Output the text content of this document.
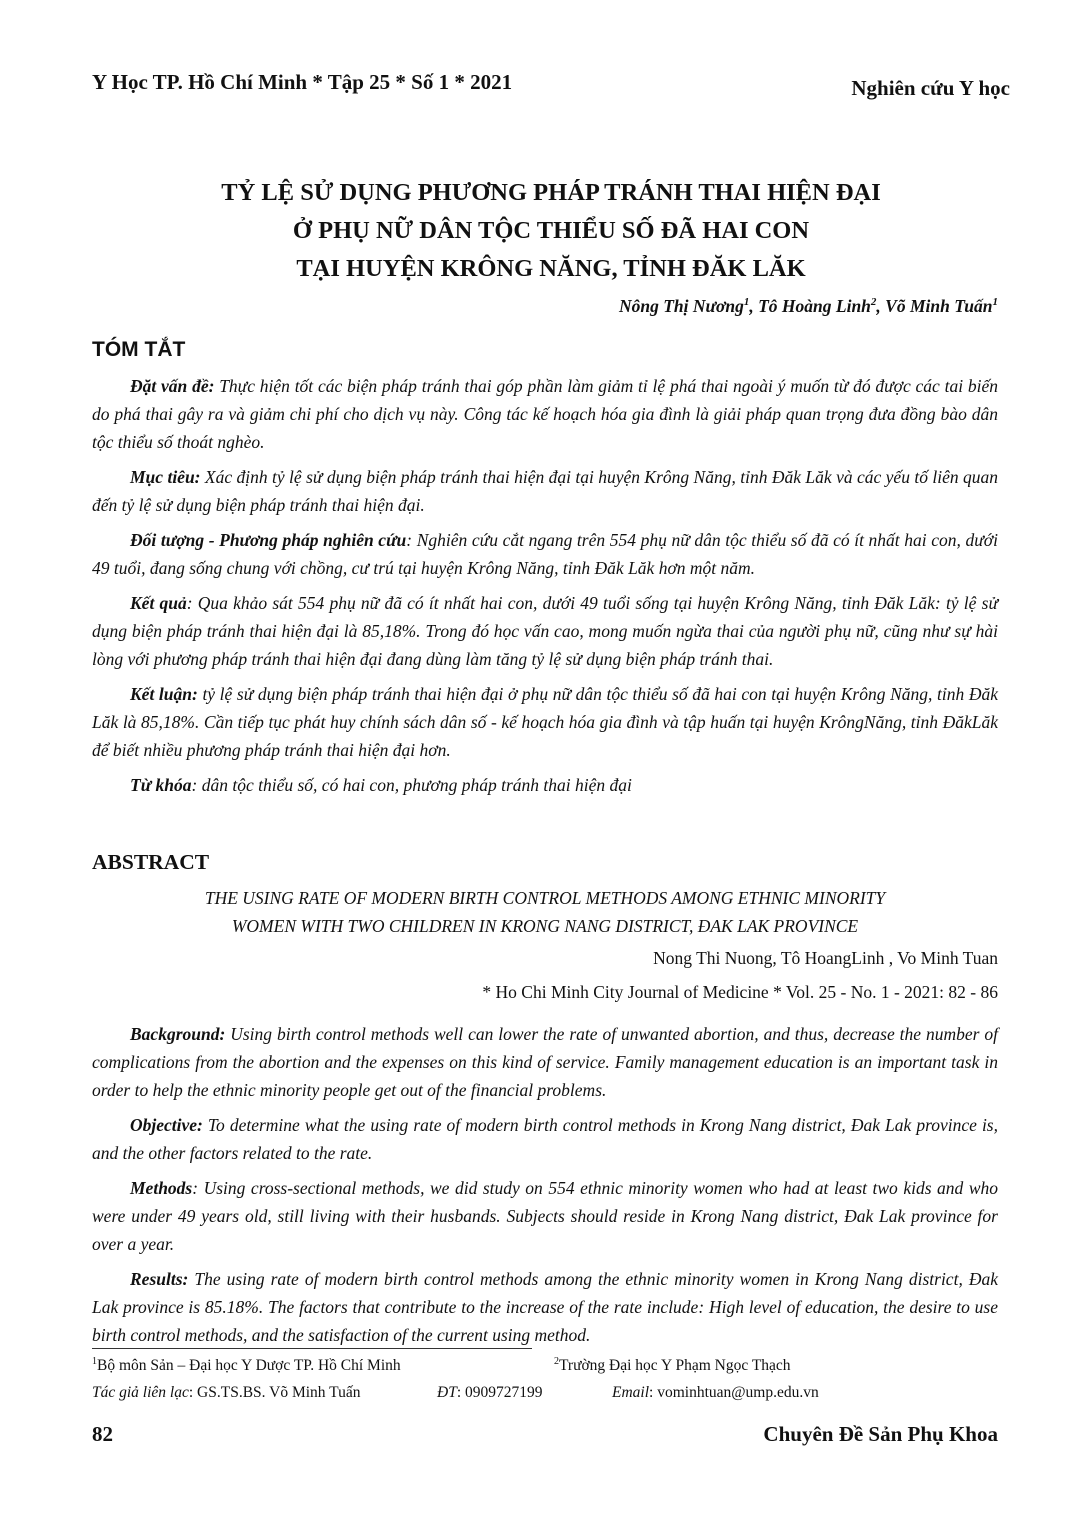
Y Học TP. Hồ Chí Minh * Tập 25 * Số 1 * 2021	Nghiên cứu Y học
TỶ LỆ SỬ DỤNG PHƯƠNG PHÁP TRÁNH THAI HIỆN ĐẠI
Ở PHỤ NỮ DÂN TỘC THIỂU SỐ ĐÃ HAI CON
TẠI HUYỆN KRÔNG NĂNG, TỈNH ĐĂK LĂK
Nông Thị Nương$^1$, Tô Hoàng Linh$^2$, Võ Minh Tuấn$^1$
TÓM TẮT

Đặt vấn đề: Thực hiện tốt các biện pháp tránh thai góp phần làm giảm tỉ lệ phá thai ngoài ý muốn từ đó được các tai biến do phá thai gây ra và giảm chi phí cho dịch vụ này. Công tác kế hoạch hóa gia đình là giải pháp quan trọng đưa đồng bào dân tộc thiểu số thoát nghèo.

Mục tiêu: Xác định tỷ lệ sử dụng biện pháp tránh thai hiện đại tại huyện Krông Năng, tỉnh Đăk Lăk và các yếu tố liên quan đến tỷ lệ sử dụng biện pháp tránh thai hiện đại.

Đối tượng - Phương pháp nghiên cứu: Nghiên cứu cắt ngang trên 554 phụ nữ dân tộc thiểu số đã có ít nhất hai con, dưới 49 tuổi, đang sống chung với chồng, cư trú tại huyện Krông Năng, tỉnh Đăk Lăk hơn một năm.

Kết quả: Qua khảo sát 554 phụ nữ đã có ít nhất hai con, dưới 49 tuổi sống tại huyện Krông Năng, tỉnh Đăk Lăk: tỷ lệ sử dụng biện pháp tránh thai hiện đại là 85,18%. Trong đó học vấn cao, mong muốn ngừa thai của người phụ nữ, cũng như sự hài lòng với phương pháp tránh thai hiện đại đang dùng làm tăng tỷ lệ sử dụng biện pháp tránh thai.

Kết luận: tỷ lệ sử dụng biện pháp tránh thai hiện đại ở phụ nữ dân tộc thiểu số đã hai con tại huyện Krông Năng, tỉnh Đăk Lăk là 85,18%. Cần tiếp tục phát huy chính sách dân số - kế hoạch hóa gia đình và tập huấn tại huyện KrôngNăng, tỉnh ĐăkLăk để biết nhiều phương pháp tránh thai hiện đại hơn.

Từ khóa: dân tộc thiểu số, có hai con, phương pháp tránh thai hiện đại

ABSTRACT
THE USING RATE OF MODERN BIRTH CONTROL METHODS AMONG ETHNIC MINORITY
WOMEN WITH TWO CHILDREN IN KRONG NANG DISTRICT, ĐAK LAK PROVINCE
Nong Thi Nuong, Tô HoangLinh , Vo Minh Tuan
* Ho Chi Minh City Journal of Medicine * Vol. 25 - No. 1 - 2021: 82 - 86

Background: Using birth control methods well can lower the rate of unwanted abortion, and thus, decrease the number of complications from the abortion and the expenses on this kind of service. Family management education is an important task in order to help the ethnic minority people get out of the financial problems.

Objective: To determine what the using rate of modern birth control methods in Krong Nang district, Đak Lak province is, and the other factors related to the rate.

Methods: Using cross-sectional methods, we did study on 554 ethnic minority women who had at least two kids and who were under 49 years old, still living with their husbands. Subjects should reside in Krong Nang district, Đak Lak province for over a year.

Results: The using rate of modern birth control methods among the ethnic minority women in Krong Nang district, Đak Lak province is 85.18%. The factors that contribute to the increase of the rate include: High level of education, the desire to use birth control methods, and the satisfaction of the current using method.

$^1$Bộ môn Sản – Đại học Y Dược TP. Hồ Chí Minh	$^2$Trường Đại học Y Phạm Ngọc Thạch
Tác giả liên lạc: GS.TS.BS. Võ Minh Tuấn	ĐT: 0909727199	Email: vominhtuan@ump.edu.vn
82	Chuyên Đề Sản Phụ Khoa
